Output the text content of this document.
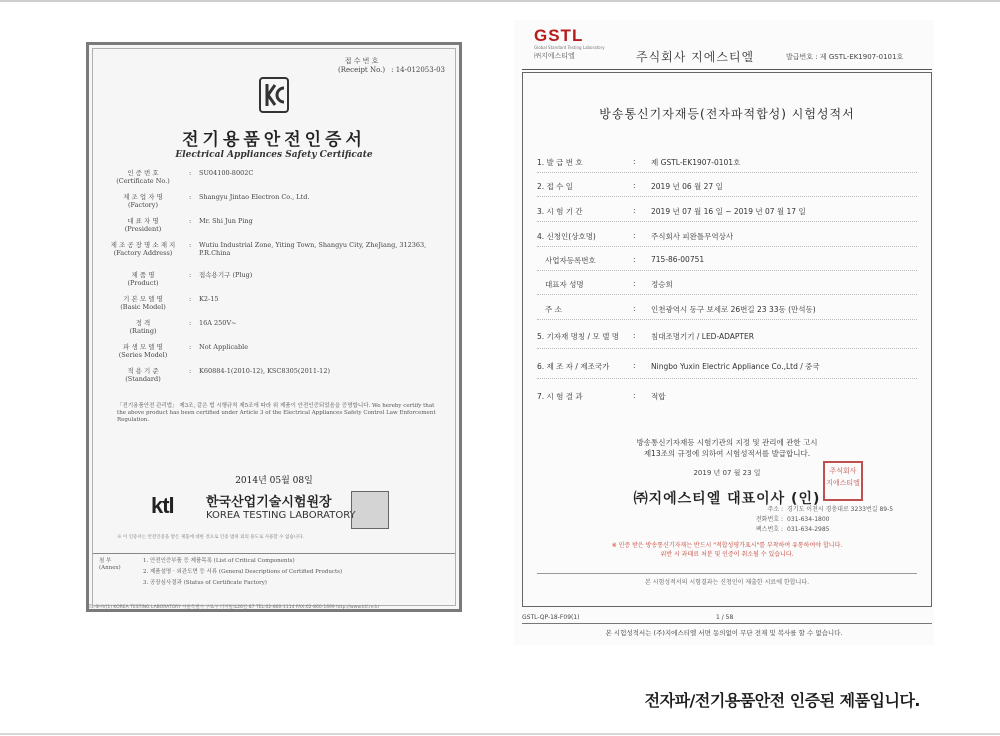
접 수 번 호
(Receipt No.) : 14-012053-03
전기용품안전인증서
Electrical Appliances Safety Certificate
인 증 번 호
(Certificate No.)
: SU04100-8002C
제 조 업 자 명
(Factory)
: Shangyu Jintao Electron Co., Ltd.
대 표 자 명
(President)
: Mr. Shi Jun Ping
제 조 공 장 명 소 재 지
(Factory Address)
: Wutiu Industrial Zone, Yiting Town, Shangyu City, ZheJiang, 312363, P.R.China
제 품 명
(Product)
: 접속용기구 (Plug)
기 본 모 델 명
(Basic Model)
: K2-15
정 격
(Rating)
: 16A 250V~
파 생 모 델 명
(Series Model)
: Not Applicable
적 용 기 준
(Standard)
: K60884-1(2010-12), KSC8305(2011-12)
「전기용품안전 관리법」 제3조, 같은 법 시행규칙 제5조에 따라 위 제품이 안전인증되었음을 증명합니다. We hereby certify that the above product has been certified under Article 3 of the Electrical Appliances Safety Control Law Enforcement Regulation.
2014년 05월 08일
ktl 한국산업기술시험원장
KOREA TESTING LABORATORY
※ 이 인증서는 안전인증을 받은 제품에 대한 것으로 인증 범위 외의 용도로 사용할 수 없습니다.
첨 부
(Annex)
1. 안전인증부품 등 제품목록 (List of Critical Components)
2. 제품설명 · 외관도면 등 서류 (General Descriptions of Certified Products)
3. 공장심사결과 (Status of Certificate Factory)
KTL-SI-IV(1) KOREA TESTING LABORATORY 서울특별시 구로구 디지털로26길 87 TEL:02-860-1114 FAX:02-860-1699 http://www.ktl.re.kr
GSTL
Global Standard Testing Laboratory
㈜지에스티엘	주식회사 지에스티엘	발급번호 : 제 GSTL-EK1907-0101호
방송통신기자재등(전자파적합성) 시험성적서
1. 발 급 번 호	: 제 GSTL-EK1907-0101호
2. 접 수 일	: 2019 년 06 월 27 일
3. 시 험 기 간	: 2019 년 07 월 16 일 ~ 2019 년 07 월 17 일
4. 신청인(상호명)	: 주식회사 피완틀무역상사
사업자등록번호	: 715-86-00751
대표자 성명	: 정승희
주 소	: 인천광역시 동구 보세로 26번길 23 33동 (만석동)
5. 기자재 명칭 / 모 델 명 : 침대조명기기 / LED-ADAPTER
6. 제 조 자 / 제조국가	: Ningbo Yuxin Electric Appliance Co.,Ltd / 중국
7. 시 험 결 과	: 적합
방송통신기자재등 시험기관의 지정 및 관리에 관한 고시
제13조의 규정에 의하여 시험성적서를 발급합니다.
2019 년 07 월 23 일
㈜지에스티엘 대표이사 (인)
주식회사 지에스티엘
주소 : 경기도 이천시 경충대로 3233번길 89-5
전화번호 : 031-634-1800
팩스번호 : 031-634-2985
※ 인증 받은 방송통신기자재는 반드시 "적합성평가표시"를 부착하여 유통하여야 합니다.
위반 시 과태료 처분 및 인증이 취소될 수 있습니다.
본 시험성적서의 시험결과는 신청인이 제출한 시료에 한합니다.
GSTL-QP-18-F09(1)	1 / 58
본 시험성적서는 (주)지에스티엘 서면 동의없이 무단 전재 및 복사를 할 수 없습니다.
전자파/전기용품안전 인증된 제품입니다.
